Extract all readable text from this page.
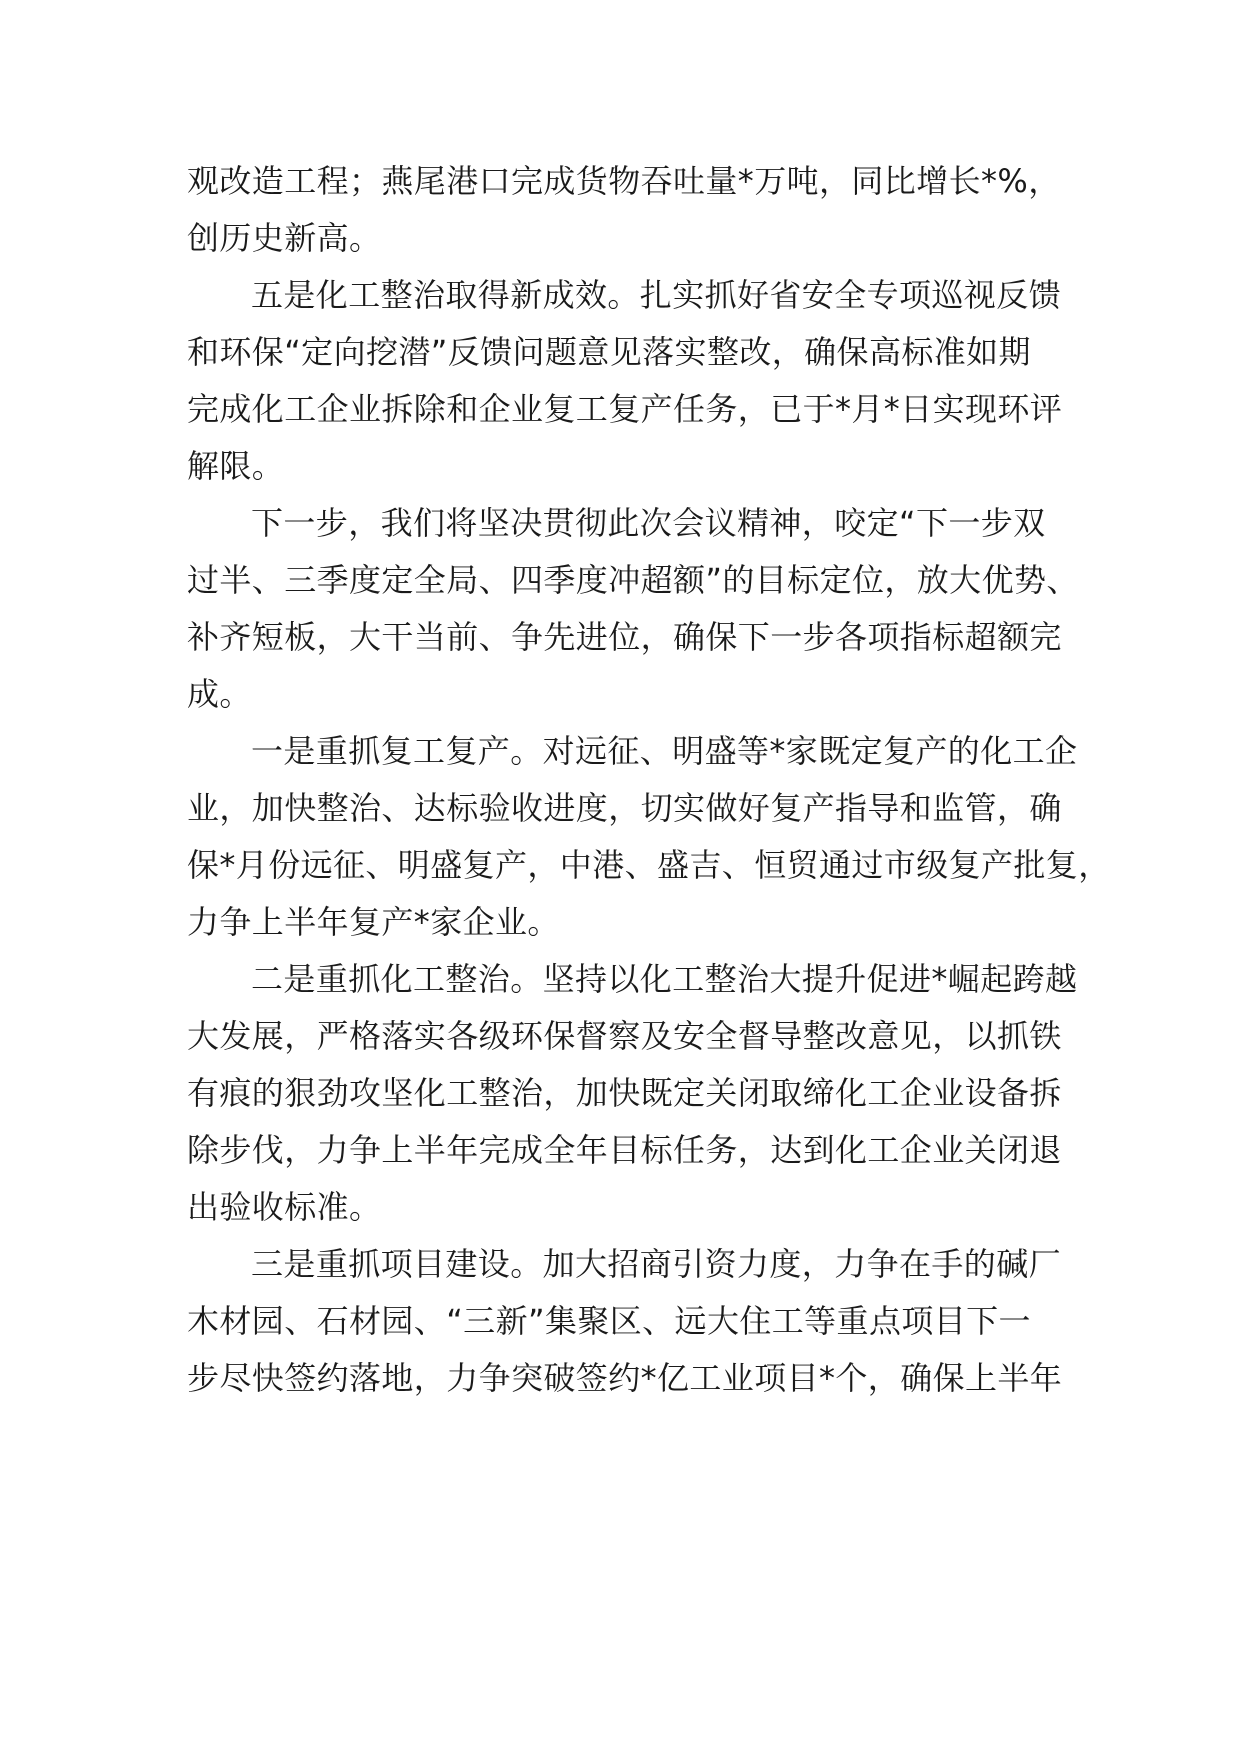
观改造工程；燕尾港口完成货物吞吐量*万吨，同比增长*%，
创历史新高。
五是化工整治取得新成效。扎实抓好省安全专项巡视反馈
和环保“定向挖潜”反馈问题意见落实整改，确保高标准如期
完成化工企业拆除和企业复工复产任务，已于*月*日实现环评
解限。
下一步，我们将坚决贯彻此次会议精神，咬定“下一步双
过半、三季度定全局、四季度冲超额”的目标定位，放大优势、
补齐短板，大干当前、争先进位，确保下一步各项指标超额完
成。
一是重抓复工复产。对远征、明盛等*家既定复产的化工企
业，加快整治、达标验收进度，切实做好复产指导和监管，确
保*月份远征、明盛复产，中港、盛吉、恒贸通过市级复产批复，
力争上半年复产*家企业。
二是重抓化工整治。坚持以化工整治大提升促进*崛起跨越
大发展，严格落实各级环保督察及安全督导整改意见，以抓铁
有痕的狠劲攻坚化工整治，加快既定关闭取缔化工企业设备拆
除步伐，力争上半年完成全年目标任务，达到化工企业关闭退
出验收标准。
三是重抓项目建设。加大招商引资力度，力争在手的碱厂
木材园、石材园、“三新”集聚区、远大住工等重点项目下一
步尽快签约落地，力争突破签约*亿工业项目*个，确保上半年
